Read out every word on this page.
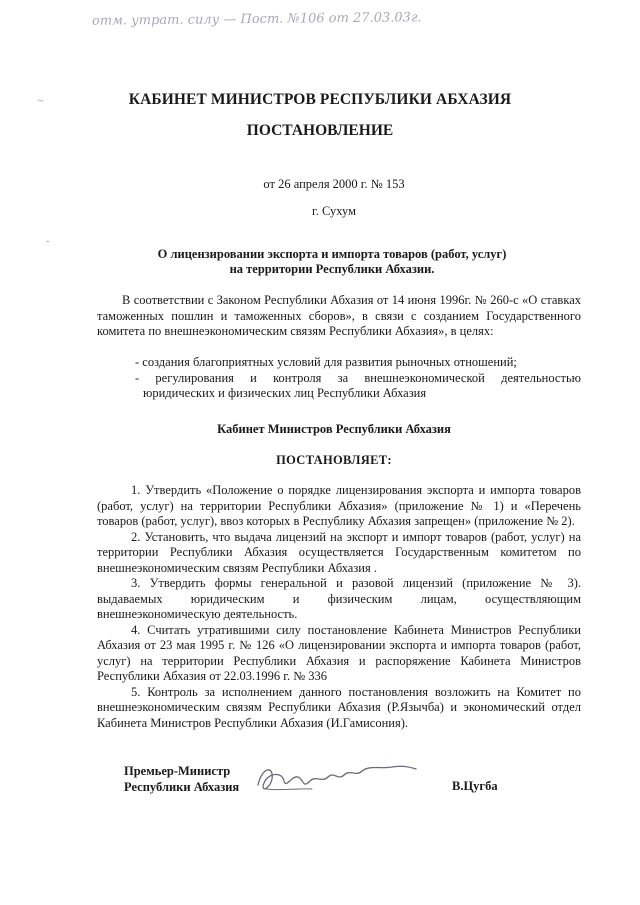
отм. утрат. силу — Пост. №106 от 27.03.03г.
~
-
КАБИНЕТ МИНИСТРОВ РЕСПУБЛИКИ АБХАЗИЯ
ПОСТАНОВЛЕНИЕ
от 26 апреля 2000 г. № 153
г. Сухум
О лицензировании экспорта и импорта товаров (работ, услуг)
на территории Республики Абхазии.
В соответствии с Законом Республики Абхазия от 14 июня 1996г. № 260-с «О ставках таможенных пошлин и таможенных сборов», в связи с созданием Государственного комитета по внешнеэкономическим связям Республики Абхазия», в целях:
- создания благоприятных условий для развития рыночных отношений;
- регулирования и контроля за внешнеэкономической деятельностью
юридических и физических лиц Республики Абхазия
Кабинет Министров Республики Абхазия
ПОСТАНОВЛЯЕТ:

1. Утвердить «Положение о порядке лицензирования экспорта и импорта товаров (работ, услуг) на территории Республики Абхазия» (приложение № 1) и «Перечень товаров (работ, услуг), ввоз которых в Республику Абхазия запрещен» (приложение № 2).

2. Установить, что выдача лицензий на экспорт и импорт товаров (работ, услуг) на территории Республики Абхазия осуществляется Государственным комитетом по внешнеэкономическим связям Республики Абхазия .

3. Утвердить формы генеральной и разовой лицензий (приложение № 3). выдаваемых юридическим и физическим лицам, осуществляющим внешнеэкономическую деятельность.

4. Считать утратившими силу постановление Кабинета Министров Республики Абхазия от 23 мая 1995 г. № 126 «О лицензировании экспорта и импорта товаров (работ, услуг) на территории Республики Абхазия и распоряжение Кабинета Министров Республики Абхазия от 22.03.1996 г. № 336

5. Контроль за исполнением данного постановления возложить на Комитет по внешнеэкономическим связям Республики Абхазия (Р.Язычба) и экономический отдел Кабинета Министров Республики Абхазия (И.Гамисония).

Премьер-Министр
Республики Абхазия	В.Цугба
